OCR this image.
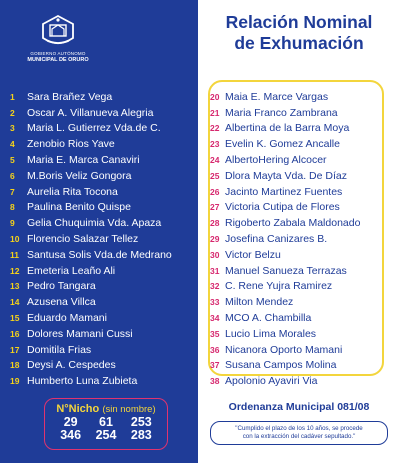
GOBIERNO AUTÓNOMO
MUNICIPAL DE ORURO
Relación Nominal
de Exhumación
1	Sara Brañez Vega
2	Oscar A. Villanueva Alegria
3	Maria L. Gutierrez Vda.de C.
4	Zenobio Rios Yave
5	Maria E. Marca Canaviri
6	M.Boris Veliz Gongora
7	Aurelia Rita Tocona
8	Paulina Benito Quispe
9	Gelia Chuquimia Vda. Apaza
10 Florencio Salazar Tellez
11 Santusa Solis Vda.de Medrano
12 Emeteria Leaño Ali
13 Pedro Tangara
14 Azusena Villca
15 Eduardo Mamani
16 Dolores Mamani Cussi
17 Domitila Frias
18 Deysi A. Cespedes
19 Humberto Luna Zubieta
20 Maia E. Marce Vargas
21 Maria Franco Zambrana
22 Albertina de la Barra Moya
23 Evelin K. Gomez Ancalle
24 AlbertoHering Alcocer
25 Dlora Mayta Vda. De Díaz
26 Jacinto Martinez Fuentes
27 Victoria Cutipa de Flores
28 Rigoberto Zabala Maldonado
29 Josefina Canizares B.
30 Victor Belzu
31 Manuel Sanueza Terrazas
32 C. Rene Yujra Ramirez
33 Milton Mendez
34 MCO A. Chambilla
35 Lucio Lima Morales
36 Nicanora Oporto Mamani
37 Susana Campos Molina
38 Apolonio Ayaviri Via
N°Nicho (sin nombre)
29	61	253
346	254	283
Ordenanza Municipal 081/08
"Cumplido el plazo de los 10 años, se procede
con la extracción del cadáver sepultado."
